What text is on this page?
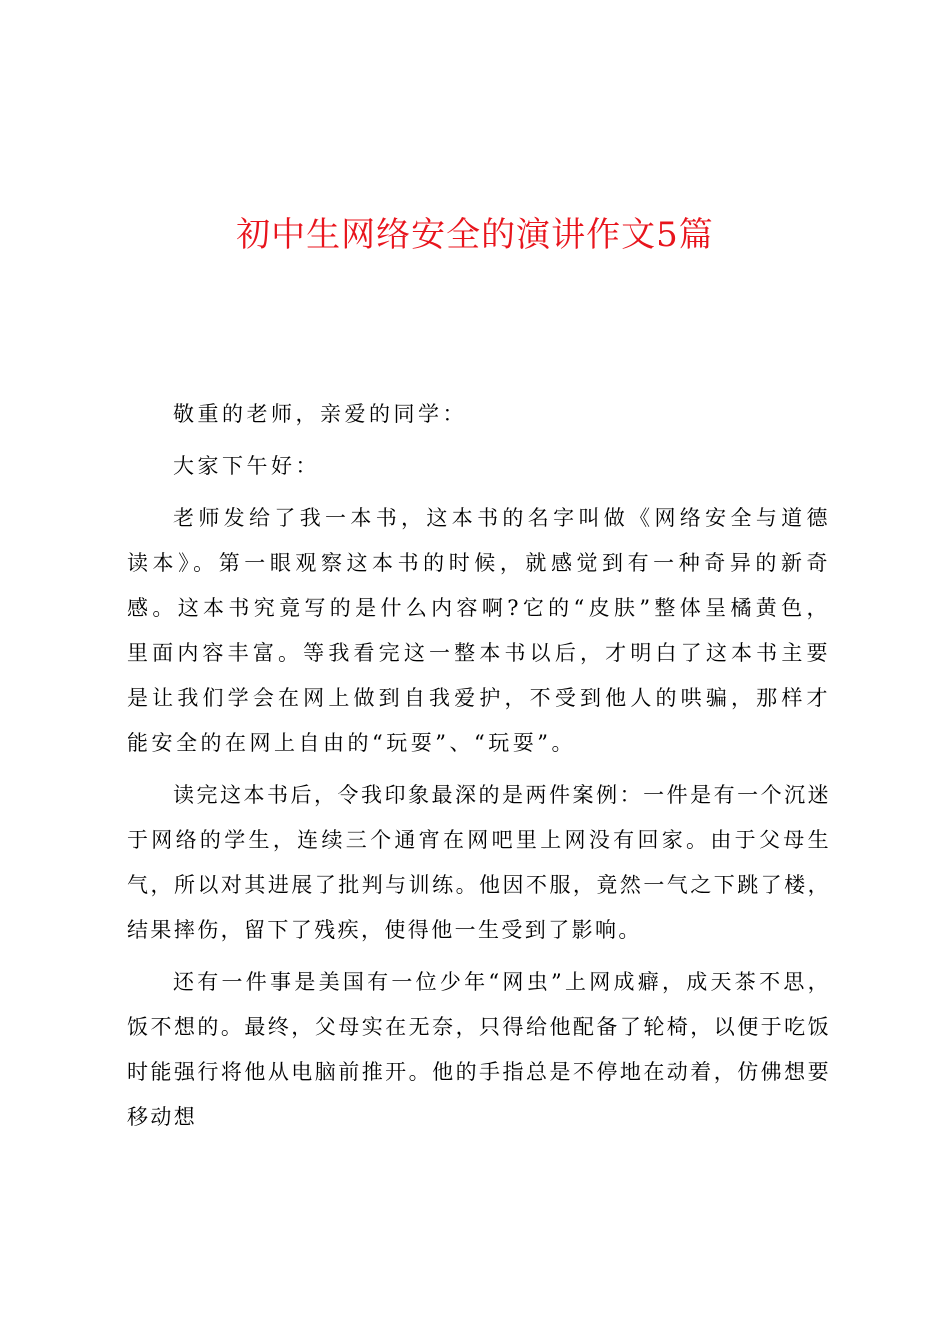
初中生网络安全的演讲作文5篇

敬重的老师，亲爱的同学：

大家下午好：

老师发给了我一本书，这本书的名字叫做《网络安全与道德读本》。第一眼观察这本书的时候，就感觉到有一种奇异的新奇感。这本书究竟写的是什么内容啊?它的“皮肤”整体呈橘黄色，里面内容丰富。等我看完这一整本书以后，才明白了这本书主要是让我们学会在网上做到自我爱护，不受到他人的哄骗，那样才能安全的在网上自由的“玩耍”、“玩耍”。

读完这本书后，令我印象最深的是两件案例：一件是有一个沉迷于网络的学生，连续三个通宵在网吧里上网没有回家。由于父母生气，所以对其进展了批判与训练。他因不服，竟然一气之下跳了楼，结果摔伤，留下了残疾，使得他一生受到了影响。

还有一件事是美国有一位少年“网虫”上网成癖，成天茶不思，饭不想的。最终，父母实在无奈，只得给他配备了轮椅，以便于吃饭时能强行将他从电脑前推开。他的手指总是不停地在动着，仿佛想要移动想
